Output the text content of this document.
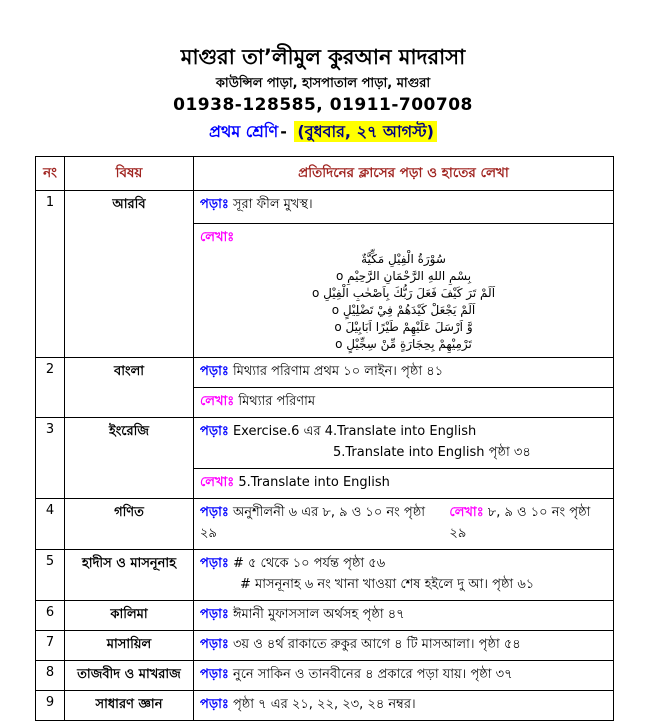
মাগুরা তা’লীমুল কুরআন মাদরাসা
কাউন্সিল পাড়া, হাসপাতাল পাড়া, মাগুরা
01938-128585, 01911-700708
প্রথম শ্রেণি - (বুধবার, ২৭ আগস্ট)
নং	বিষয়	প্রতিদিনের ক্লাসের পড়া ও হাতের লেখা
1	আরবি	পড়াঃ সূরা ফীল মুখস্থ।

লেখাঃ
سُوْرَةُ الْفِيْلِ مَكِّيَّةٌ
o بِسْمِ اللهِ الرَّحْمَانِ الرَّحِيْمِ
o اَلَمْ تَرَ كَيْفَ فَعَلَ رَبُّكَ بِاَصْحٰبِ الْفِيْلِ
o اَلَمْ يَجْعَلْ كَيْدَهُمْ فِيْ تَضْلِيْلٍ
o وَّ اَرْسَلَ عَلَيْهِمْ طَيْرًا اَبَابِيْلَ
o تَرْمِيْهِمْ بِحِجَارَةٍ مِّنْ سِجِّيْلٍ

2	বাংলা	পড়াঃ মিথ্যার পরিণাম প্রথম ১০ লাইন। পৃষ্ঠা ৪১
		লেখাঃ মিথ্যার পরিণাম
3	ইংরেজি	পড়াঃ Exercise.6 এর 4.Translate into English
5.Translate into English পৃষ্ঠা ৩৪

		লেখাঃ 5.Translate into English
4	গণিত	পড়াঃ অনুশীলনী ৬ এর ৮, ৯ ও ১০ নং পৃষ্ঠা ২৯
লেখাঃ ৮, ৯ ও ১০ নং পৃষ্ঠা ২৯

5	হাদীস ও মাসনূনাহ	পড়াঃ # ৫ থেকে ১০ পর্যন্ত পৃষ্ঠা ৫৬
# মাসনূনাহ ৬ নং খানা খাওয়া শেষ হইলে দু আ। পৃষ্ঠা ৬১

6	কালিমা	পড়াঃ ঈমানী মুফাসসাল অর্থসহ পৃষ্ঠা ৪৭
7	মাসায়িল	পড়াঃ ৩য় ও ৪র্থ রাকাতে রুকুর আগে ৪ টি মাসআলা। পৃষ্ঠা ৫৪
8	তাজবীদ ও মাখরাজ	পড়াঃ নুনে সাকিন ও তানবীনের ৪ প্রকারে পড়া যায়। পৃষ্ঠা ৩৭
9	সাধারণ জ্ঞান	পড়াঃ পৃষ্ঠা ৭ এর ২১, ২২, ২৩, ২৪ নম্বর।
